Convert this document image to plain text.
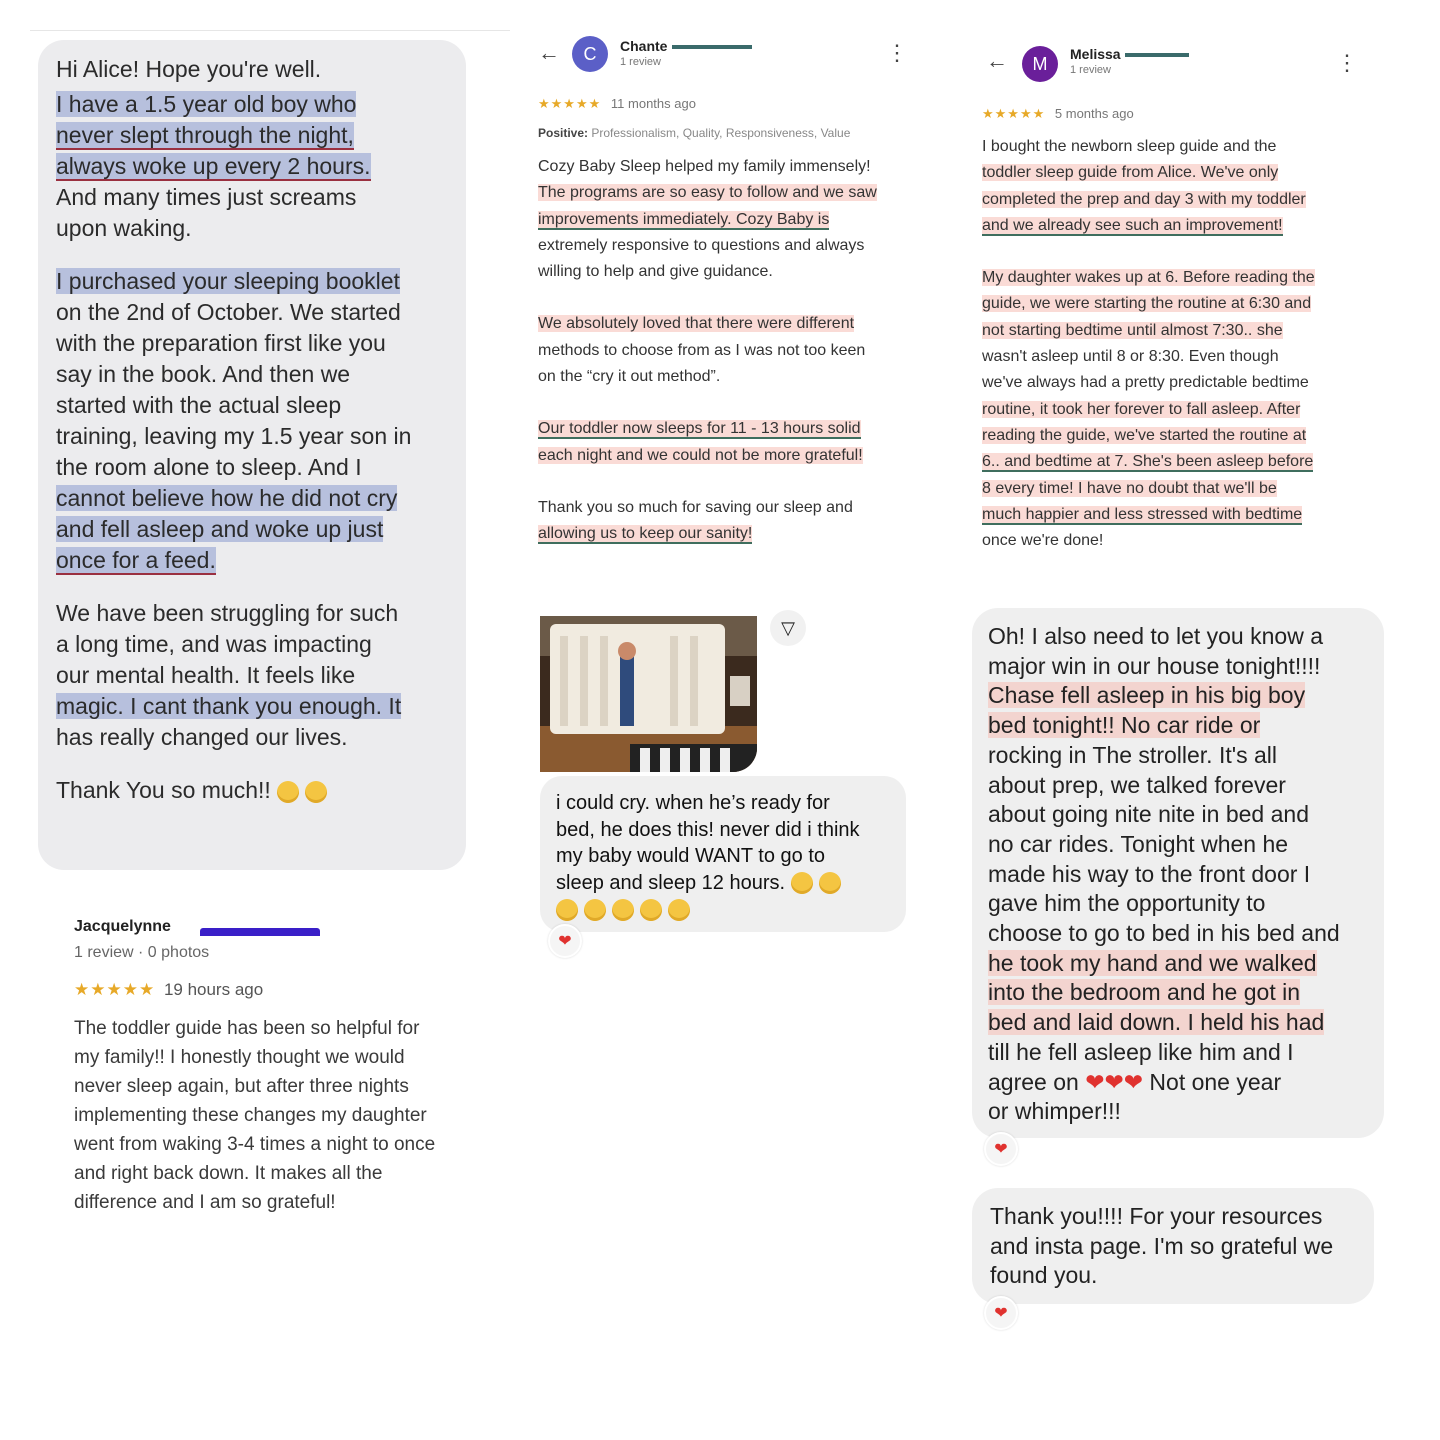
Hi Alice! Hope you're well.

I have a 1.5 year old boy who
never slept through the night,
always woke up every 2 hours.
And many times just screams
upon waking.

I purchased your sleeping booklet
on the 2nd of October. We started
with the preparation first like you
say in the book. And then we
started with the actual sleep
training, leaving my 1.5 year son in
the room alone to sleep. And I
cannot believe how he did not cry
and fell asleep and woke up just
once for a feed.

We have been struggling for such
a long time, and was impacting
our mental health. It feels like
magic. I cant thank you enough. It
has really changed our lives.

Thank You so much!!

Jacquelynne
1 review · 0 photos
★★★★★ 19 hours ago
The toddler guide has been so helpful for
my family!! I honestly thought we would
never sleep again, but after three nights
implementing these changes my daughter
went from waking 3-4 times a night to once
and right back down. It makes all the
difference and I am so grateful!
← C Chante
1 review	⋮
★★★★★ 11 months ago
Positive: Professionalism, Quality, Responsiveness, Value

Cozy Baby Sleep helped my family immensely!
The programs are so easy to follow and we saw
improvements immediately. Cozy Baby is
extremely responsive to questions and always
willing to help and give guidance.

We absolutely loved that there were different
methods to choose from as I was not too keen
on the “cry it out method”.

Our toddler now sleeps for 11 - 13 hours solid
each night and we could not be more grateful!

Thank you so much for saving our sleep and
allowing us to keep our sanity!

▽
i could cry. when he’s ready for
bed, he does this! never did i think
my baby would WANT to go to
sleep and sleep 12 hours.
❤
← M Melissa
1 review	⋮
★★★★★ 5 months ago

I bought the newborn sleep guide and the
toddler sleep guide from Alice. We've only
completed the prep and day 3 with my toddler
and we already see such an improvement!

My daughter wakes up at 6. Before reading the
guide, we were starting the routine at 6:30 and
not starting bedtime until almost 7:30.. she
wasn't asleep until 8 or 8:30. Even though
we've always had a pretty predictable bedtime
routine, it took her forever to fall asleep. After
reading the guide, we've started the routine at
6.. and bedtime at 7. She's been asleep before
8 every time! I have no doubt that we'll be
much happier and less stressed with bedtime
once we're done!

Oh! I also need to let you know a
major win in our house tonight!!!!
Chase fell asleep in his big boy
bed tonight!! No car ride or
rocking in The stroller. It's all
about prep, we talked forever
about going nite nite in bed and
no car rides. Tonight when he
made his way to the front door I
gave him the opportunity to
choose to go to bed in his bed and
he took my hand and we walked
into the bedroom and he got in
bed and laid down. I held his had
till he fell asleep like him and I
agree on ❤❤❤ Not one year
or whimper!!!
❤
Thank you!!!! For your resources
and insta page. I'm so grateful we
found you.
❤
